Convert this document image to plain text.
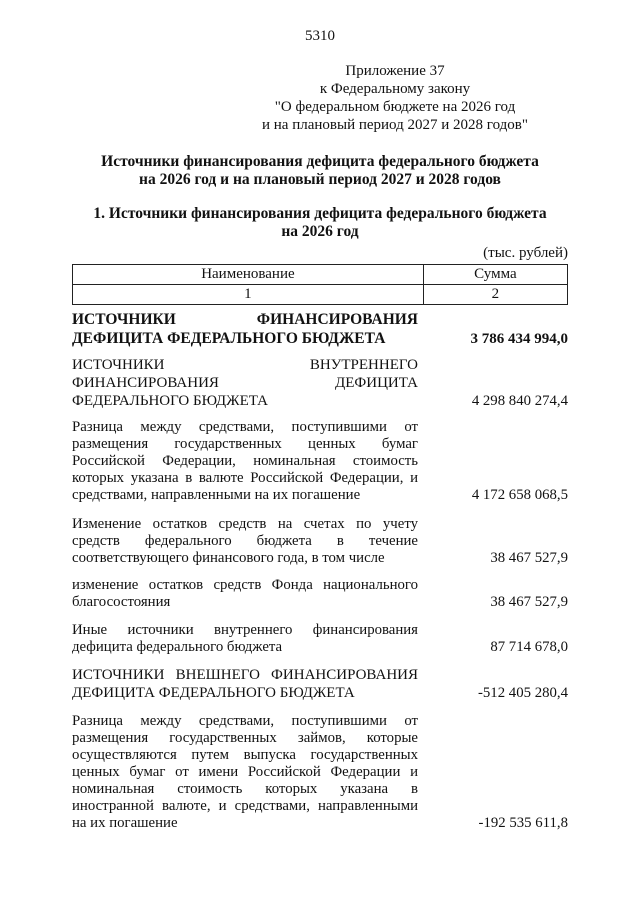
5310
Приложение 37
к Федеральному закону
"О федеральном бюджете на 2026 год
и на плановый период 2027 и 2028 годов"
Источники финансирования дефицита федерального бюджета
на 2026 год и на плановый период 2027 и 2028 годов
1. Источники финансирования дефицита федерального бюджета
на 2026 год
(тыс. рублей)
Наименование	Сумма
1	2
ИСТОЧНИКИ ФИНАНСИРОВАНИЯ
ДЕФИЦИТА ФЕДЕРАЛЬНОГО БЮДЖЕТА	3 786 434 994,0
ИСТОЧНИКИ ВНУТРЕННЕГО
ФИНАНСИРОВАНИЯ ДЕФИЦИТА
ФЕДЕРАЛЬНОГО БЮДЖЕТА	4 298 840 274,4
Разница между средствами, поступившими от
размещения государственных ценных бумаг
Российской Федерации, номинальная стоимость
которых указана в валюте Российской Федерации, и
средствами, направленными на их погашение	4 172 658 068,5
Изменение остатков средств на счетах по учету
средств федерального бюджета в течение
соответствующего финансового года, в том числе	38 467 527,9
изменение остатков средств Фонда национального
благосостояния	38 467 527,9
Иные источники внутреннего финансирования
дефицита федерального бюджета	87 714 678,0
ИСТОЧНИКИ ВНЕШНЕГО ФИНАНСИРОВАНИЯ
ДЕФИЦИТА ФЕДЕРАЛЬНОГО БЮДЖЕТА	-512 405 280,4
Разница между средствами, поступившими от
размещения государственных займов, которые
осуществляются путем выпуска государственных
ценных бумаг от имени Российской Федерации и
номинальная стоимость которых указана в
иностранной валюте, и средствами, направленными
на их погашение	-192 535 611,8
